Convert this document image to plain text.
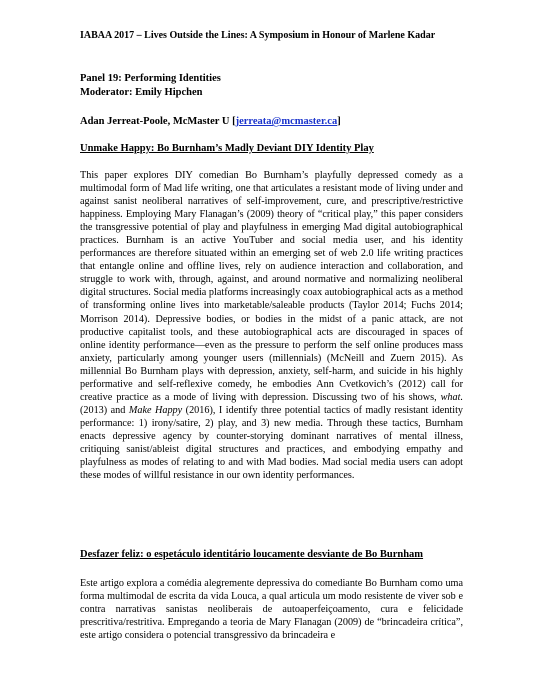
IABAA 2017 – Lives Outside the Lines: A Symposium in Honour of Marlene Kadar
Panel 19: Performing Identities
Moderator: Emily Hipchen
Adan Jerreat-Poole, McMaster U [jerreata@mcmaster.ca]
Unmake Happy: Bo Burnham’s Madly Deviant DIY Identity Play

This paper explores DIY comedian Bo Burnham’s playfully depressed comedy as a multimodal form of Mad life writing, one that articulates a resistant mode of living under and against sanist neoliberal narratives of self-improvement, cure, and prescriptive/restrictive happiness. Employing Mary Flanagan’s (2009) theory of “critical play,” this paper considers the transgressive potential of play and playfulness in emerging Mad digital autobiographical practices. Burnham is an active YouTuber and social media user, and his identity performances are therefore situated within an emerging set of web 2.0 life writing practices that entangle online and offline lives, rely on audience interaction and collaboration, and struggle to work with, through, against, and around normative and normalizing neoliberal digital structures. Social media platforms increasingly coax autobiographical acts as a method of transforming online lives into marketable/saleable products (Taylor 2014; Fuchs 2014; Morrison 2014). Depressive bodies, or bodies in the midst of a panic attack, are not productive capitalist tools, and these autobiographical acts are discouraged in spaces of online identity performance—even as the pressure to perform the self online produces mass anxiety, particularly among younger users (millennials) (McNeill and Zuern 2015). As millennial Bo Burnham plays with depression, anxiety, self-harm, and suicide in his highly performative and self-reflexive comedy, he embodies Ann Cvetkovich’s (2012) call for creative practice as a mode of living with depression. Discussing two of his shows, what. (2013) and Make Happy (2016), I identify three potential tactics of madly resistant identity performance: 1) irony/satire, 2) play, and 3) new media. Through these tactics, Burnham enacts depressive agency by counter-storying dominant narratives of mental illness, critiquing sanist/ableist digital structures and practices, and embodying empathy and playfulness as modes of relating to and with Mad bodies. Mad social media users can adopt these modes of willful resistance in our own identity performances.

Desfazer feliz: o espetáculo identitário loucamente desviante de Bo Burnham

Este artigo explora a comédia alegremente depressiva do comediante Bo Burnham como uma forma multimodal de escrita da vida Louca, a qual articula um modo resistente de viver sob e contra narrativas sanistas neoliberais de autoaperfeiçoamento, cura e felicidade prescritiva/restritiva. Empregando a teoria de Mary Flanagan (2009) de “brincadeira crítica”, este artigo considera o potencial transgressivo da brincadeira e
